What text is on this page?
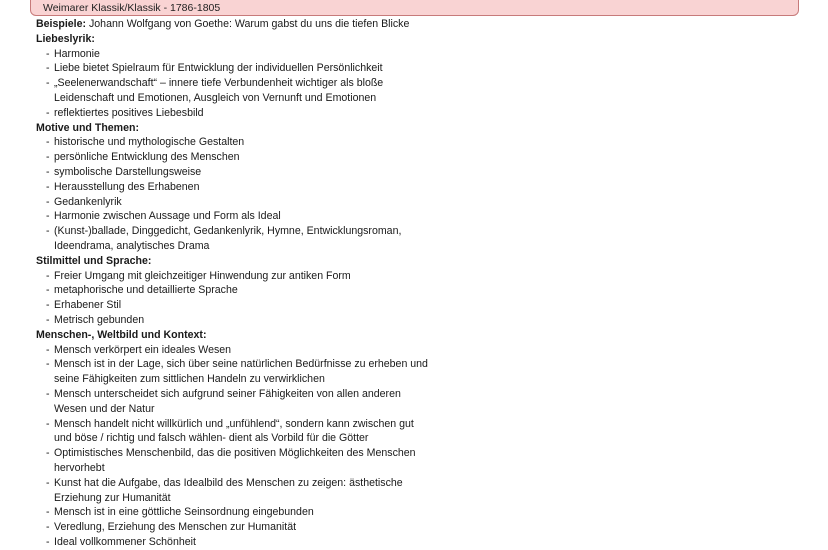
Weimarer Klassik/Klassik - 1786-1805
Beispiele: Johann Wolfgang von Goethe: Warum gabst du uns die tiefen Blicke
Liebeslyrik:
- Harmonie
- Liebe bietet Spielraum für Entwicklung der individuellen Persönlichkeit
- „Seelenerwandschaft“ – innere tiefe Verbundenheit wichtiger als bloße
Leidenschaft und Emotionen, Ausgleich von Vernunft und Emotionen
- reflektiertes positives Liebesbild
Motive und Themen:
- historische und mythologische Gestalten
- persönliche Entwicklung des Menschen
- symbolische Darstellungsweise
- Herausstellung des Erhabenen
- Gedankenlyrik
- Harmonie zwischen Aussage und Form als Ideal
- (Kunst-)ballade, Dinggedicht, Gedankenlyrik, Hymne, Entwicklungsroman,
Ideendrama, analytisches Drama
Stilmittel und Sprache:
- Freier Umgang mit gleichzeitiger Hinwendung zur antiken Form
- metaphorische und detaillierte Sprache
- Erhabener Stil
- Metrisch gebunden
Menschen-, Weltbild und Kontext:
- Mensch verkörpert ein ideales Wesen
- Mensch ist in der Lage, sich über seine natürlichen Bedürfnisse zu erheben und
seine Fähigkeiten zum sittlichen Handeln zu verwirklichen
- Mensch unterscheidet sich aufgrund seiner Fähigkeiten von allen anderen
Wesen und der Natur
- Mensch handelt nicht willkürlich und „unfühlend“, sondern kann zwischen gut
und böse / richtig und falsch wählen- dient als Vorbild für die Götter
- Optimistisches Menschenbild, das die positiven Möglichkeiten des Menschen
hervorhebt
- Kunst hat die Aufgabe, das Idealbild des Menschen zu zeigen: ästhetische
Erziehung zur Humanität
- Mensch ist in eine göttliche Seinsordnung eingebunden
- Veredlung, Erziehung des Menschen zur Humanität
- Ideal vollkommener Schönheit
